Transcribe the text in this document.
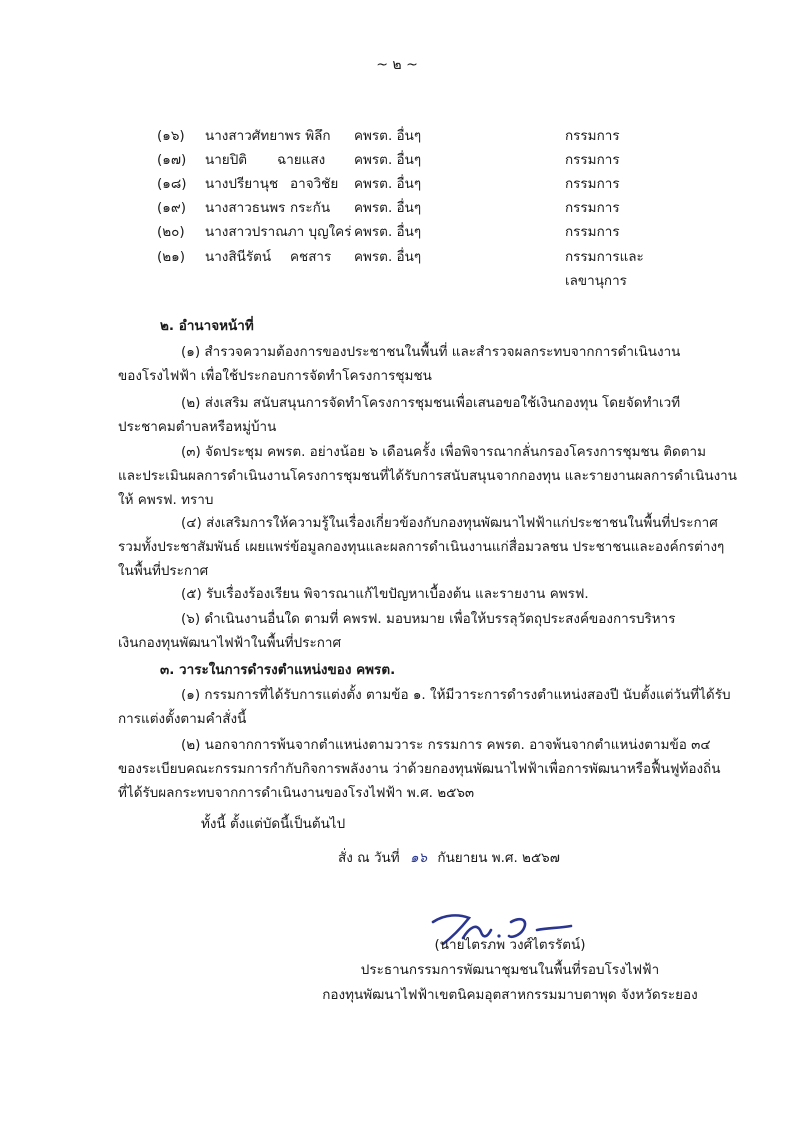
~ ๒ ~
(๑๖) นางสาวศัทยาพร พิลึก คพรต. อื่นๆ	กรรมการ
(๑๗) นายปิติ ฉายแสง คพรต. อื่นๆ	กรรมการ
(๑๘) นางปรียานุช อาจวิชัย คพรต. อื่นๆ	กรรมการ
(๑๙) นางสาวธนพร กระกัน คพรต. อื่นๆ	กรรมการ
(๒๐) นางสาวปราณภา บุญใคร่ คพรต. อื่นๆ	กรรมการ
(๒๑) นางสินีรัตน์ คชสาร คพรต. อื่นๆ	กรรมการและ
เลขานุการ
๒. อำนาจหน้าที่
(๑) สำรวจความต้องการของประชาชนในพื้นที่ และสำรวจผลกระทบจากการดำเนินงาน
ของโรงไฟฟ้า เพื่อใช้ประกอบการจัดทำโครงการชุมชน
(๒) ส่งเสริม สนับสนุนการจัดทำโครงการชุมชนเพื่อเสนอขอใช้เงินกองทุน โดยจัดทำเวที
ประชาคมตำบลหรือหมู่บ้าน
(๓) จัดประชุม คพรต. อย่างน้อย ๖ เดือนครั้ง เพื่อพิจารณากลั่นกรองโครงการชุมชน ติดตาม
และประเมินผลการดำเนินงานโครงการชุมชนที่ได้รับการสนับสนุนจากกองทุน และรายงานผลการดำเนินงาน
ให้ คพรฟ. ทราบ
(๔) ส่งเสริมการให้ความรู้ในเรื่องเกี่ยวข้องกับกองทุนพัฒนาไฟฟ้าแก่ประชาชนในพื้นที่ประกาศ
รวมทั้งประชาสัมพันธ์ เผยแพร่ข้อมูลกองทุนและผลการดำเนินงานแก่สื่อมวลชน ประชาชนและองค์กรต่างๆ
ในพื้นที่ประกาศ
(๕) รับเรื่องร้องเรียน พิจารณาแก้ไขปัญหาเบื้องต้น และรายงาน คพรฟ.
(๖) ดำเนินงานอื่นใด ตามที่ คพรฟ. มอบหมาย เพื่อให้บรรลุวัตถุประสงค์ของการบริหาร
เงินกองทุนพัฒนาไฟฟ้าในพื้นที่ประกาศ
๓. วาระในการดำรงตำแหน่งของ คพรต.
(๑) กรรมการที่ได้รับการแต่งตั้ง ตามข้อ ๑. ให้มีวาระการดำรงตำแหน่งสองปี นับตั้งแต่วันที่ได้รับ
การแต่งตั้งตามคำสั่งนี้
(๒) นอกจากการพ้นจากตำแหน่งตามวาระ กรรมการ คพรต. อาจพ้นจากตำแหน่งตามข้อ ๓๔
ของระเบียบคณะกรรมการกำกับกิจการพลังงาน ว่าด้วยกองทุนพัฒนาไฟฟ้าเพื่อการพัฒนาหรือฟื้นฟูท้องถิ่น
ที่ได้รับผลกระทบจากการดำเนินงานของโรงไฟฟ้า พ.ศ. ๒๕๖๓
ทั้งนี้ ตั้งแต่บัดนี้เป็นต้นไป
สั่ง ณ วันที่ ๑๖ กันยายน พ.ศ. ๒๕๖๗
(นายไตรภพ วงศ์ไตรรัตน์)
ประธานกรรมการพัฒนาชุมชนในพื้นที่รอบโรงไฟฟ้า
กองทุนพัฒนาไฟฟ้าเขตนิคมอุตสาหกรรมมาบตาพุด จังหวัดระยอง
